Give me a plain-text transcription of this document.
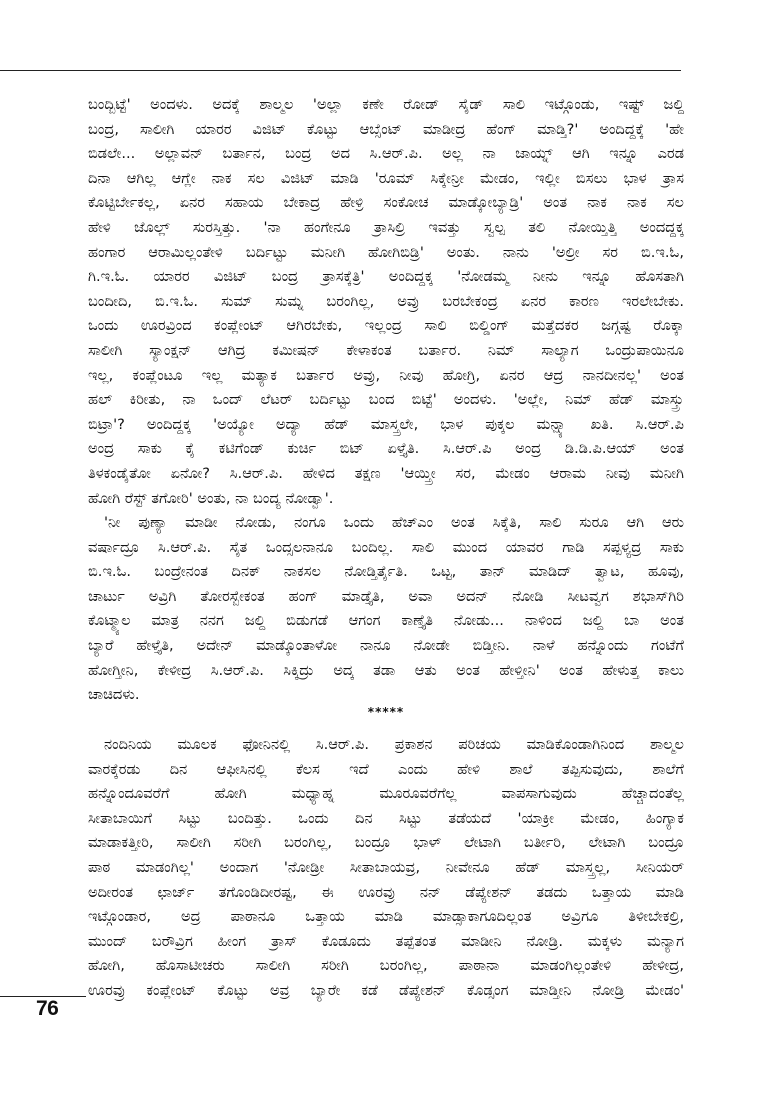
ಬಂದ್ಬಿಟ್ಟೆ' ಅಂದಳು. ಅದಕ್ಕೆ ಶಾಲ್ಮಲ 'ಅಲ್ಲಾ ಕಣೇ ರೋಡ್ ಸೈಡ್ ಸಾಲಿ ಇಟ್ಗೊಂಡು, ಇಷ್ಟ್ ಜಲ್ದಿ
ಬಂದ್ರ, ಸಾಲೀಗಿ ಯಾರರ ವಿಜಿಟ್ ಕೊಟ್ಟು ಆಬ್ಸೆಂಟ್ ಮಾಡೀದ್ರ ಹೆಂಗ್ ಮಾಡ್ತಿ?' ಅಂದಿದ್ದಕ್ಕೆ 'ಹೇ
ಬಿಡಲೇ... ಅಲ್ಲಾವನ್ ಬರ್ತಾನ, ಬಂದ್ರ ಅದ ಸಿ.ಆರ್.ಪಿ. ಅಲ್ಲ ನಾ ಜಾಯ್ನ್ ಆಗಿ ಇನ್ನೂ ಎರಡ
ದಿನಾ ಆಗಿಲ್ಲ ಆಗ್ಲೇ ನಾಕ ಸಲ ವಿಜಿಟ್ ಮಾಡಿ 'ರೂಮ್ ಸಿಕ್ಕೇನ್ರೀ ಮೇಡಂ, ಇಲ್ಲೀ ಬಿಸಲು ಭಾಳ ತ್ರಾಸ
ಕೊಟ್ಟಿರ್ಬೇಕಲ್ಲ, ಏನರ ಸಹಾಯ ಬೇಕಾದ್ರ ಹೇಳ್ರಿ ಸಂಕೋಚ ಮಾಡ್ಕೋಬ್ಯಾಡ್ರಿ' ಅಂತ ನಾಕ ನಾಕ ಸಲ
ಹೇಳಿ ಜೊಲ್ಲ್ ಸುರಸ್ತಿತ್ತು. 'ನಾ ಹಂಗೇನೂ ತ್ರಾಸಿಲ್ರಿ ಇವತ್ತು ಸ್ವಲ್ಪ ತಲಿ ನೋಯ್ತಿತ್ತಿ ಅಂದದ್ದಕ್ಕ
ಹಂಗಾರ ಆರಾಮಿಲ್ಲಂತೇಳಿ ಬರ್ದಿಟ್ಟು ಮನೀಗಿ ಹೋಗಿಬಿಡ್ರಿ' ಅಂತು. ನಾನು 'ಅಲ್ರೀ ಸರ ಬಿ.ಇ.ಓ,
ಗಿ.ಇ.ಓ. ಯಾರರ ವಿಜಿಟ್ ಬಂದ್ರ ತ್ರಾಸಕ್ಕೆತ್ರಿ' ಅಂದಿದ್ದಕ್ಕ 'ನೋಡಮ್ಮ ನೀನು ಇನ್ನೂ ಹೊಸತಾಗಿ
ಬಂದೀದಿ, ಬಿ.ಇ.ಓ. ಸುಮ್ ಸುಮ್ನ ಬರಂಗಿಲ್ಲ, ಅವ್ರು ಬರಬೇಕಂದ್ರ ಏನರ ಕಾರಣ ಇರಲೇಬೇಕು.
ಒಂದು ಊರವ್ರಿಂದ ಕಂಪ್ಲೇಂಟ್ ಆಗಿರಬೇಕು, ಇಲ್ಲಂದ್ರ ಸಾಲಿ ಬಿಲ್ಡಿಂಗ್ ಮತ್ತೆದಕರ ಜಗ್ಗಷ್ಟ ರೊಕ್ಕಾ
ಸಾಲೀಗಿ ಸ್ಯಾಂಕ್ಷನ್ ಆಗಿದ್ರ ಕಮೀಷನ್ ಕೇಳಾಕಂತ ಬರ್ತಾರ. ನಿಮ್ ಸಾಲ್ಯಾಗ ಒಂದ್ರುಪಾಯಿನೂ
ಇಲ್ಲ, ಕಂಪ್ಲೆಂಟೂ ಇಲ್ಲ ಮತ್ಯಾಕ ಬರ್ತಾರ ಅವ್ರು, ನೀವು ಹೋಗ್ರಿ, ಏನರ ಆದ್ರ ನಾನದೀನಲ್ಲ' ಅಂತ
ಹಲ್ ಕಿರೀತು, ನಾ ಒಂದ್ ಲೆಟರ್ ಬರ್ದಿಟ್ಟು ಬಂದ ಬಿಟ್ಟೆ' ಅಂದಳು. 'ಅಲ್ಲೇ, ನಿಮ್ ಹೆಡ್ ಮಾಸ್ತ್ರು
ಬಿಟ್ರಾ'? ಅಂದಿದ್ದಕ್ಕ 'ಅಯ್ಯೋ ಅದ್ಯಾ ಹೆಡ್ ಮಾಸ್ತ್ರಲೇ, ಭಾಳ ಪುಕ್ಕಲ ಮನ್ಷ್ಯಾ ಖತಿ. ಸಿ.ಆರ್.ಪಿ
ಅಂದ್ರ ಸಾಕು ಕೈ ಕಟಿಗೆಂಡ್ ಕುರ್ಚಿ ಬಿಟ್ ಏಳ್ತೈತಿ. ಸಿ.ಆರ್.ಪಿ ಅಂದ್ರ ಡಿ.ಡಿ.ಪಿ.ಆಯ್ ಅಂತ
ತಿಳಕಂಡೈತೋ ಏನೋ? ಸಿ.ಆರ್.ಪಿ. ಹೇಳಿದ ತಕ್ಷಣ 'ಆಯ್ತ್ರೀ ಸರ, ಮೇಡಂ ಆರಾಮ ನೀವು ಮನೀಗಿ
ಹೋಗಿ ರೆಸ್ಟ್ ತಗೋರಿ' ಅಂತು, ನಾ ಬಂದ್ಯ ನೋಡ್ವಾ'.
'ನೀ ಪುಣ್ಯಾ ಮಾಡೀ ನೋಡು, ನಂಗೂ ಒಂದು ಹೆಚ್ಎಂ ಅಂತ ಸಿಕ್ಕೆತಿ, ಸಾಲಿ ಸುರೂ ಆಗಿ ಆರು
ವರ್ಷಾದ್ರೂ ಸಿ.ಆರ್.ಪಿ. ಸೈತ ಒಂದ್ಸಲನಾನೂ ಬಂದಿಲ್ಲ. ಸಾಲಿ ಮುಂದ ಯಾವರ ಗಾಡಿ ಸಪ್ಪಳ್ಯದ್ರ ಸಾಕು
ಬಿ.ಇ.ಓ. ಬಂದ್ರೇನಂತ ದಿನಕ್ ನಾಕಸಲ ನೋಡ್ತಿರ್ತೈತಿ. ಒಟ್ಟ, ತಾನ್ ಮಾಡಿದ್ ತ್ವಾಟ, ಹೂವು,
ಚಾರ್ಟು ಅವ್ರಿಗಿ ತೋರಸ್ಬೇಕಂತ ಹಂಗ್ ಮಾಡ್ತೈತಿ, ಅವಾ ಅದನ್ ನೋಡಿ ಸೀಟವ್ವಗ ಶಭಾಸ್‌ಗಿರಿ
ಕೊಟ್ಮ್ಯಾಲ ಮಾತ್ರ ನನಗ ಜಲ್ದಿ ಬಿಡುಗಡೆ ಆಗಂಗ ಕಾಣ್ತೈತಿ ನೋಡು... ನಾಳಿಂದ ಜಲ್ದಿ ಬಾ ಅಂತ
ಬ್ಯಾರೆ ಹೇಳ್ತೈತಿ, ಅದೇನ್ ಮಾಡ್ಕೊಂತಾಳೋ ನಾನೂ ನೋಡೇ ಬಿಡ್ತೀನಿ. ನಾಳೆ ಹನ್ನೊಂದು ಗಂಟೆಗೆ
ಹೋಗ್ತೀನಿ, ಕೇಳೀದ್ರ ಸಿ.ಆರ್.ಪಿ. ಸಿಕ್ಕಿದ್ರು ಅದ್ಕ ತಡಾ ಆತು ಅಂತ ಹೇಳ್ತೀನಿ' ಅಂತ ಹೇಳುತ್ತ ಕಾಲು
ಚಾಚಿದಳು.
*****
ನಂದಿನಿಯ ಮೂಲಕ ಫೋನಿನಲ್ಲಿ ಸಿ.ಆರ್.ಪಿ. ಪ್ರಕಾಶನ ಪರಿಚಯ ಮಾಡಿಕೊಂಡಾಗಿನಿಂದ ಶಾಲ್ಮಲ
ವಾರಕ್ಕೆರಡು ದಿನ ಆಫೀಸಿನಲ್ಲಿ ಕೆಲಸ ಇದೆ ಎಂದು ಹೇಳಿ ಶಾಲೆ ತಪ್ಪಿಸುವುದು, ಶಾಲೆಗೆ
ಹನ್ನೊಂದೂವರೆಗೆ ಹೋಗಿ ಮಧ್ಯಾಹ್ನ ಮೂರೂವರೆಗೆಲ್ಲ ವಾಪಸಾಗುವುದು ಹೆಚ್ಚಾದಂತೆಲ್ಲ
ಸೀತಾಬಾಯಿಗೆ ಸಿಟ್ಟು ಬಂದಿತ್ತು. ಒಂದು ದಿನ ಸಿಟ್ಟು ತಡೆಯದೆ 'ಯಾಕ್ರೀ ಮೇಡಂ, ಹಿಂಗ್ಯಾಕ
ಮಾಡಾಕತ್ತೀರಿ, ಸಾಲೀಗಿ ಸರೀಗಿ ಬರಂಗಿಲ್ಲ, ಬಂದ್ರೂ ಭಾಳ್ ಲೇಟಾಗಿ ಬರ್ತೀರಿ, ಲೇಟಾಗಿ ಬಂದ್ರೂ
ಪಾಠ ಮಾಡಂಗಿಲ್ಲ' ಅಂದಾಗ 'ನೋಡ್ರೀ ಸೀತಾಬಾಯವ್ರ, ನೀವೇನೂ ಹೆಡ್ ಮಾಸ್ತ್ರಲ್ಲ, ಸೀನಿಯರ್
ಅದೀರಂತ ಛಾರ್ಜ್ ತಗೊಂಡಿದೀರಷ್ಟ, ಈ ಊರವ್ರು ನನ್ ಡೆಪ್ಯೇಶನ್ ತಡದು ಒತ್ತಾಯ ಮಾಡಿ
ಇಟ್ಗೊಂಡಾರ, ಅದ್ರ ಪಾಠಾನೂ ಒತ್ತಾಯ ಮಾಡಿ ಮಾಡ್ಸಾಕಾಗೂದಿಲ್ಲಂತ ಅವ್ರಿಗೂ ತಿಳೀಬೇಕಲ್ರಿ,
ಮುಂದ್ ಬರೌವ್ರಿಗ ಹೀಂಗ ತ್ರಾಸ್ ಕೊಡೂದು ತಪ್ಪೆತಂತ ಮಾಡೀನಿ ನೋಡ್ರಿ. ಮಕ್ಕಳು ಮನ್ಯಾಗ
ಹೋಗಿ, ಹೊಸಾಟೀಚರು ಸಾಲೀಗಿ ಸರೀಗಿ ಬರಂಗಿಲ್ಲ, ಪಾಠಾನಾ ಮಾಡಂಗಿಲ್ಲಂತೇಳಿ ಹೇಳೀದ್ರ,
ಊರವ್ರು ಕಂಪ್ಲೇಂಟ್ ಕೊಟ್ಟು ಅವ್ರ ಬ್ಯಾರೇ ಕಡೆ ಡೆಪ್ಯೇಶನ್ ಕೊಡ್ಸಂಗ ಮಾಡ್ತೀನಿ ನೋಡ್ರಿ ಮೇಡಂ'
76
